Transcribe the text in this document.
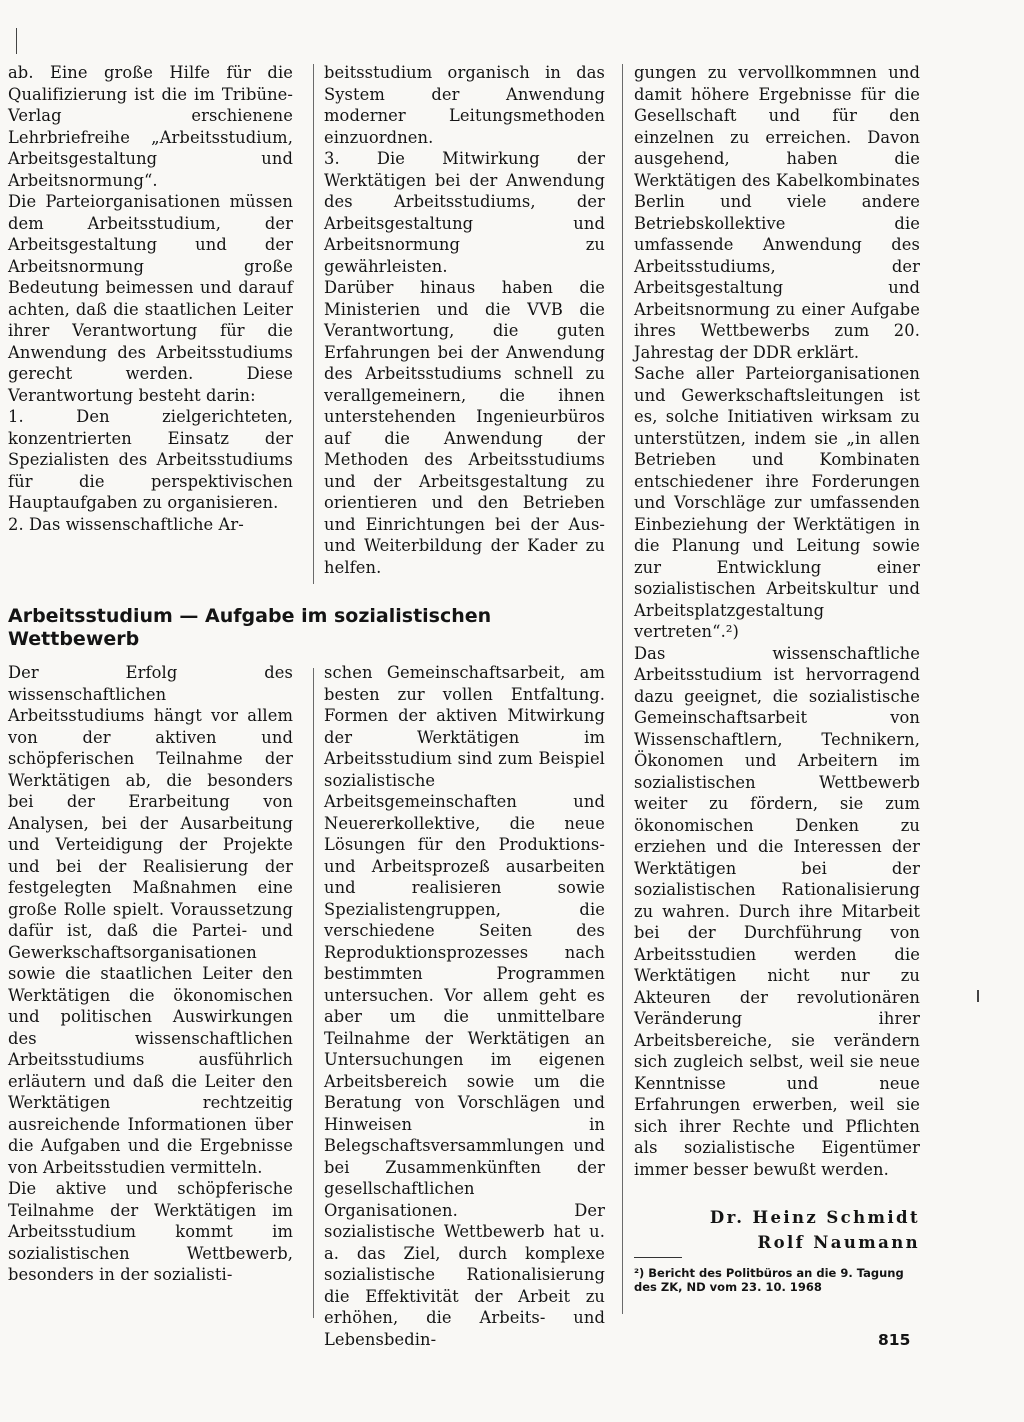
ab. Eine große Hilfe für die Qualifizierung ist die im Tribüne-Verlag erschienene Lehrbriefreihe „Arbeitsstudium, Arbeitsgestaltung und Arbeitsnormung“.

Die Parteiorganisationen müssen dem Arbeitsstudium, der Arbeitsgestaltung und der Arbeitsnormung große Bedeutung beimessen und darauf achten, daß die staatlichen Leiter ihrer Verantwortung für die Anwendung des Arbeitsstudiums gerecht werden. Diese Verantwortung besteht darin:

1. Den zielgerichteten, konzentrierten Einsatz der Spezialisten des Arbeitsstudiums für die perspektivischen Hauptaufgaben zu organisieren.

2. Das wissenschaftliche Ar-

beitsstudium organisch in das System der Anwendung moderner Leitungsmethoden einzuordnen.

3. Die Mitwirkung der Werktätigen bei der Anwendung des Arbeitsstudiums, der Arbeitsgestaltung und Arbeitsnormung zu gewährleisten.

Darüber hinaus haben die Ministerien und die VVB die Verantwortung, die guten Erfahrungen bei der Anwendung des Arbeitsstudiums schnell zu verallgemeinern, die ihnen unterstehenden Ingenieurbüros auf die Anwendung der Methoden des Arbeitsstudiums und der Arbeitsgestaltung zu orientieren und den Betrieben und Einrichtungen bei der Aus- und Weiterbildung der Kader zu helfen.

Arbeitsstudium — Aufgabe im sozialistischen Wettbewerb

Der Erfolg des wissenschaftlichen Arbeitsstudiums hängt vor allem von der aktiven und schöpferischen Teilnahme der Werktätigen ab, die besonders bei der Erarbeitung von Analysen, bei der Ausarbeitung und Verteidigung der Projekte und bei der Realisierung der festgelegten Maßnahmen eine große Rolle spielt. Voraussetzung dafür ist, daß die Partei- und Gewerkschaftsorganisationen sowie die staatlichen Leiter den Werktätigen die ökonomischen und politischen Auswirkungen des wissenschaftlichen Arbeitsstudiums ausführlich erläutern und daß die Leiter den Werktätigen rechtzeitig ausreichende Informationen über die Aufgaben und die Ergebnisse von Arbeitsstudien vermitteln.

Die aktive und schöpferische Teilnahme der Werktätigen im Arbeitsstudium kommt im sozialistischen Wettbewerb, besonders in der sozialisti-

schen Gemeinschaftsarbeit, am besten zur vollen Entfaltung. Formen der aktiven Mitwirkung der Werktätigen im Arbeitsstudium sind zum Beispiel sozialistische Arbeitsgemeinschaften und Neuererkollektive, die neue Lösungen für den Produktions- und Arbeitsprozeß ausarbeiten und realisieren sowie Spezialistengruppen, die verschiedene Seiten des Reproduktionsprozesses nach bestimmten Programmen untersuchen. Vor allem geht es aber um die unmittelbare Teilnahme der Werktätigen an Untersuchungen im eigenen Arbeitsbereich sowie um die Beratung von Vorschlägen und Hinweisen in Belegschaftsversammlungen und bei Zusammenkünften der gesellschaftlichen Organisationen. Der sozialistische Wettbewerb hat u. a. das Ziel, durch komplexe sozialistische Rationalisierung die Effektivität der Arbeit zu erhöhen, die Arbeits- und Lebensbedin-

gungen zu vervollkommnen und damit höhere Ergebnisse für die Gesellschaft und für den einzelnen zu erreichen. Davon ausgehend, haben die Werktätigen des Kabelkombinates Berlin und viele andere Betriebskollektive die umfassende Anwendung des Arbeitsstudiums, der Arbeitsgestaltung und Arbeitsnormung zu einer Aufgabe ihres Wettbewerbs zum 20. Jahrestag der DDR erklärt.

Sache aller Parteiorganisationen und Gewerkschaftsleitungen ist es, solche Initiativen wirksam zu unterstützen, indem sie „in allen Betrieben und Kombinaten entschiedener ihre Forderungen und Vorschläge zur umfassenden Einbeziehung der Werktätigen in die Planung und Leitung sowie zur Entwicklung einer sozialistischen Arbeitskultur und Arbeitsplatzgestaltung vertreten“.²)

Das wissenschaftliche Arbeitsstudium ist hervorragend dazu geeignet, die sozialistische Gemeinschaftsarbeit von Wissenschaftlern, Technikern, Ökonomen und Arbeitern im sozialistischen Wettbewerb weiter zu fördern, sie zum ökonomischen Denken zu erziehen und die Interessen der Werktätigen bei der sozialistischen Rationalisierung zu wahren. Durch ihre Mitarbeit bei der Durchführung von Arbeitsstudien werden die Werktätigen nicht nur zu Akteuren der revolutionären Veränderung ihrer Arbeitsbereiche, sie verändern sich zugleich selbst, weil sie neue Kenntnisse und neue Erfahrungen erwerben, weil sie sich ihrer Rechte und Pflichten als sozialistische Eigentümer immer besser bewußt werden.

Dr. Heinz Schmidt
Rolf Naumann

²) Bericht des Politbüros an die 9. Tagung des ZK, ND vom 23. 10. 1968

815
